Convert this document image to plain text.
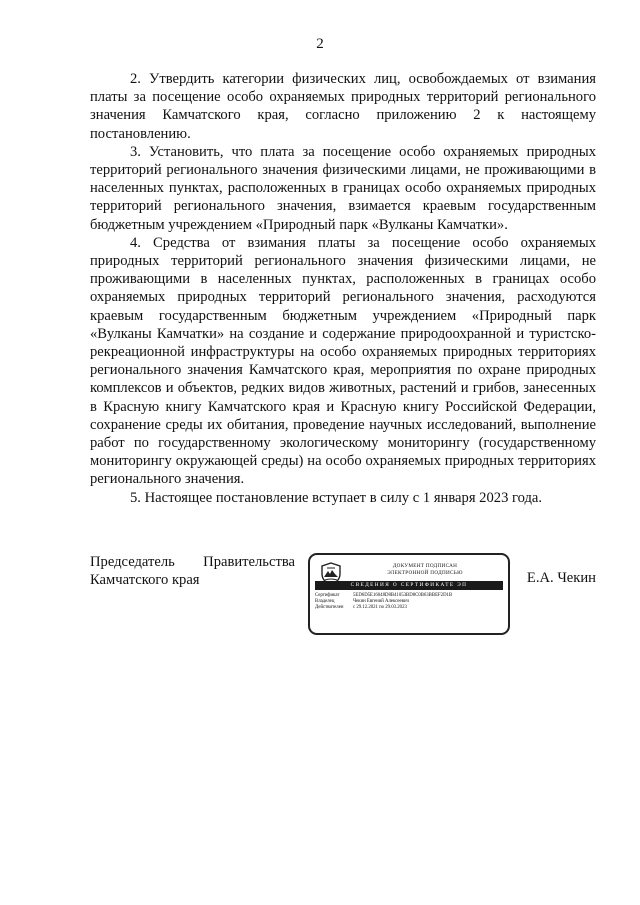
2

2. Утвердить категории физических лиц, освобождаемых от взимания платы за посещение особо охраняемых природных территорий регионального значения Камчатского края, согласно приложению 2 к настоящему постановлению.

3. Установить, что плата за посещение особо охраняемых природных территорий регионального значения физическими лицами, не проживающими в населенных пунктах, расположенных в границах особо охраняемых природных территорий регионального значения, взимается краевым государственным бюджетным учреждением «Природный парк «Вулканы Камчатки».

4. Средства от взимания платы за посещение особо охраняемых природных территорий регионального значения физическими лицами, не проживающими в населенных пунктах, расположенных в границах особо охраняемых природных территорий регионального значения, расходуются краевым государственным бюджетным учреждением «Природный парк «Вулканы Камчатки» на создание и содержание природоохранной и туристско-рекреационной инфраструктуры на особо охраняемых природных территориях регионального значения Камчатского края, мероприятия по охране природных комплексов и объектов, редких видов животных, растений и грибов, занесенных в Красную книгу Камчатского края и Красную книгу Российской Федерации, сохранение среды их обитания, проведение научных исследований, выполнение работ по государственному экологическому мониторингу (государственному мониторингу окружающей среды) на особо охраняемых природных территориях регионального значения.

5. Настоящее постановление вступает в силу с 1 января 2023 года.

Председатель Правительства
Камчатского края
ДОКУМЕНТ ПОДПИСАН
ЭЛЕКТРОННОЙ ПОДПИСЬЮ
СВЕДЕНИЯ О СЕРТИФИКАТЕ ЭП
Сертификат	5ED6D5E16048D8B41053BD8C0B63BBEF2D1B
Владелец	Чекин Евгений Алексеевич
Действителен	с 29.12.2021 по 29.03.2023
Е.А. Чекин
